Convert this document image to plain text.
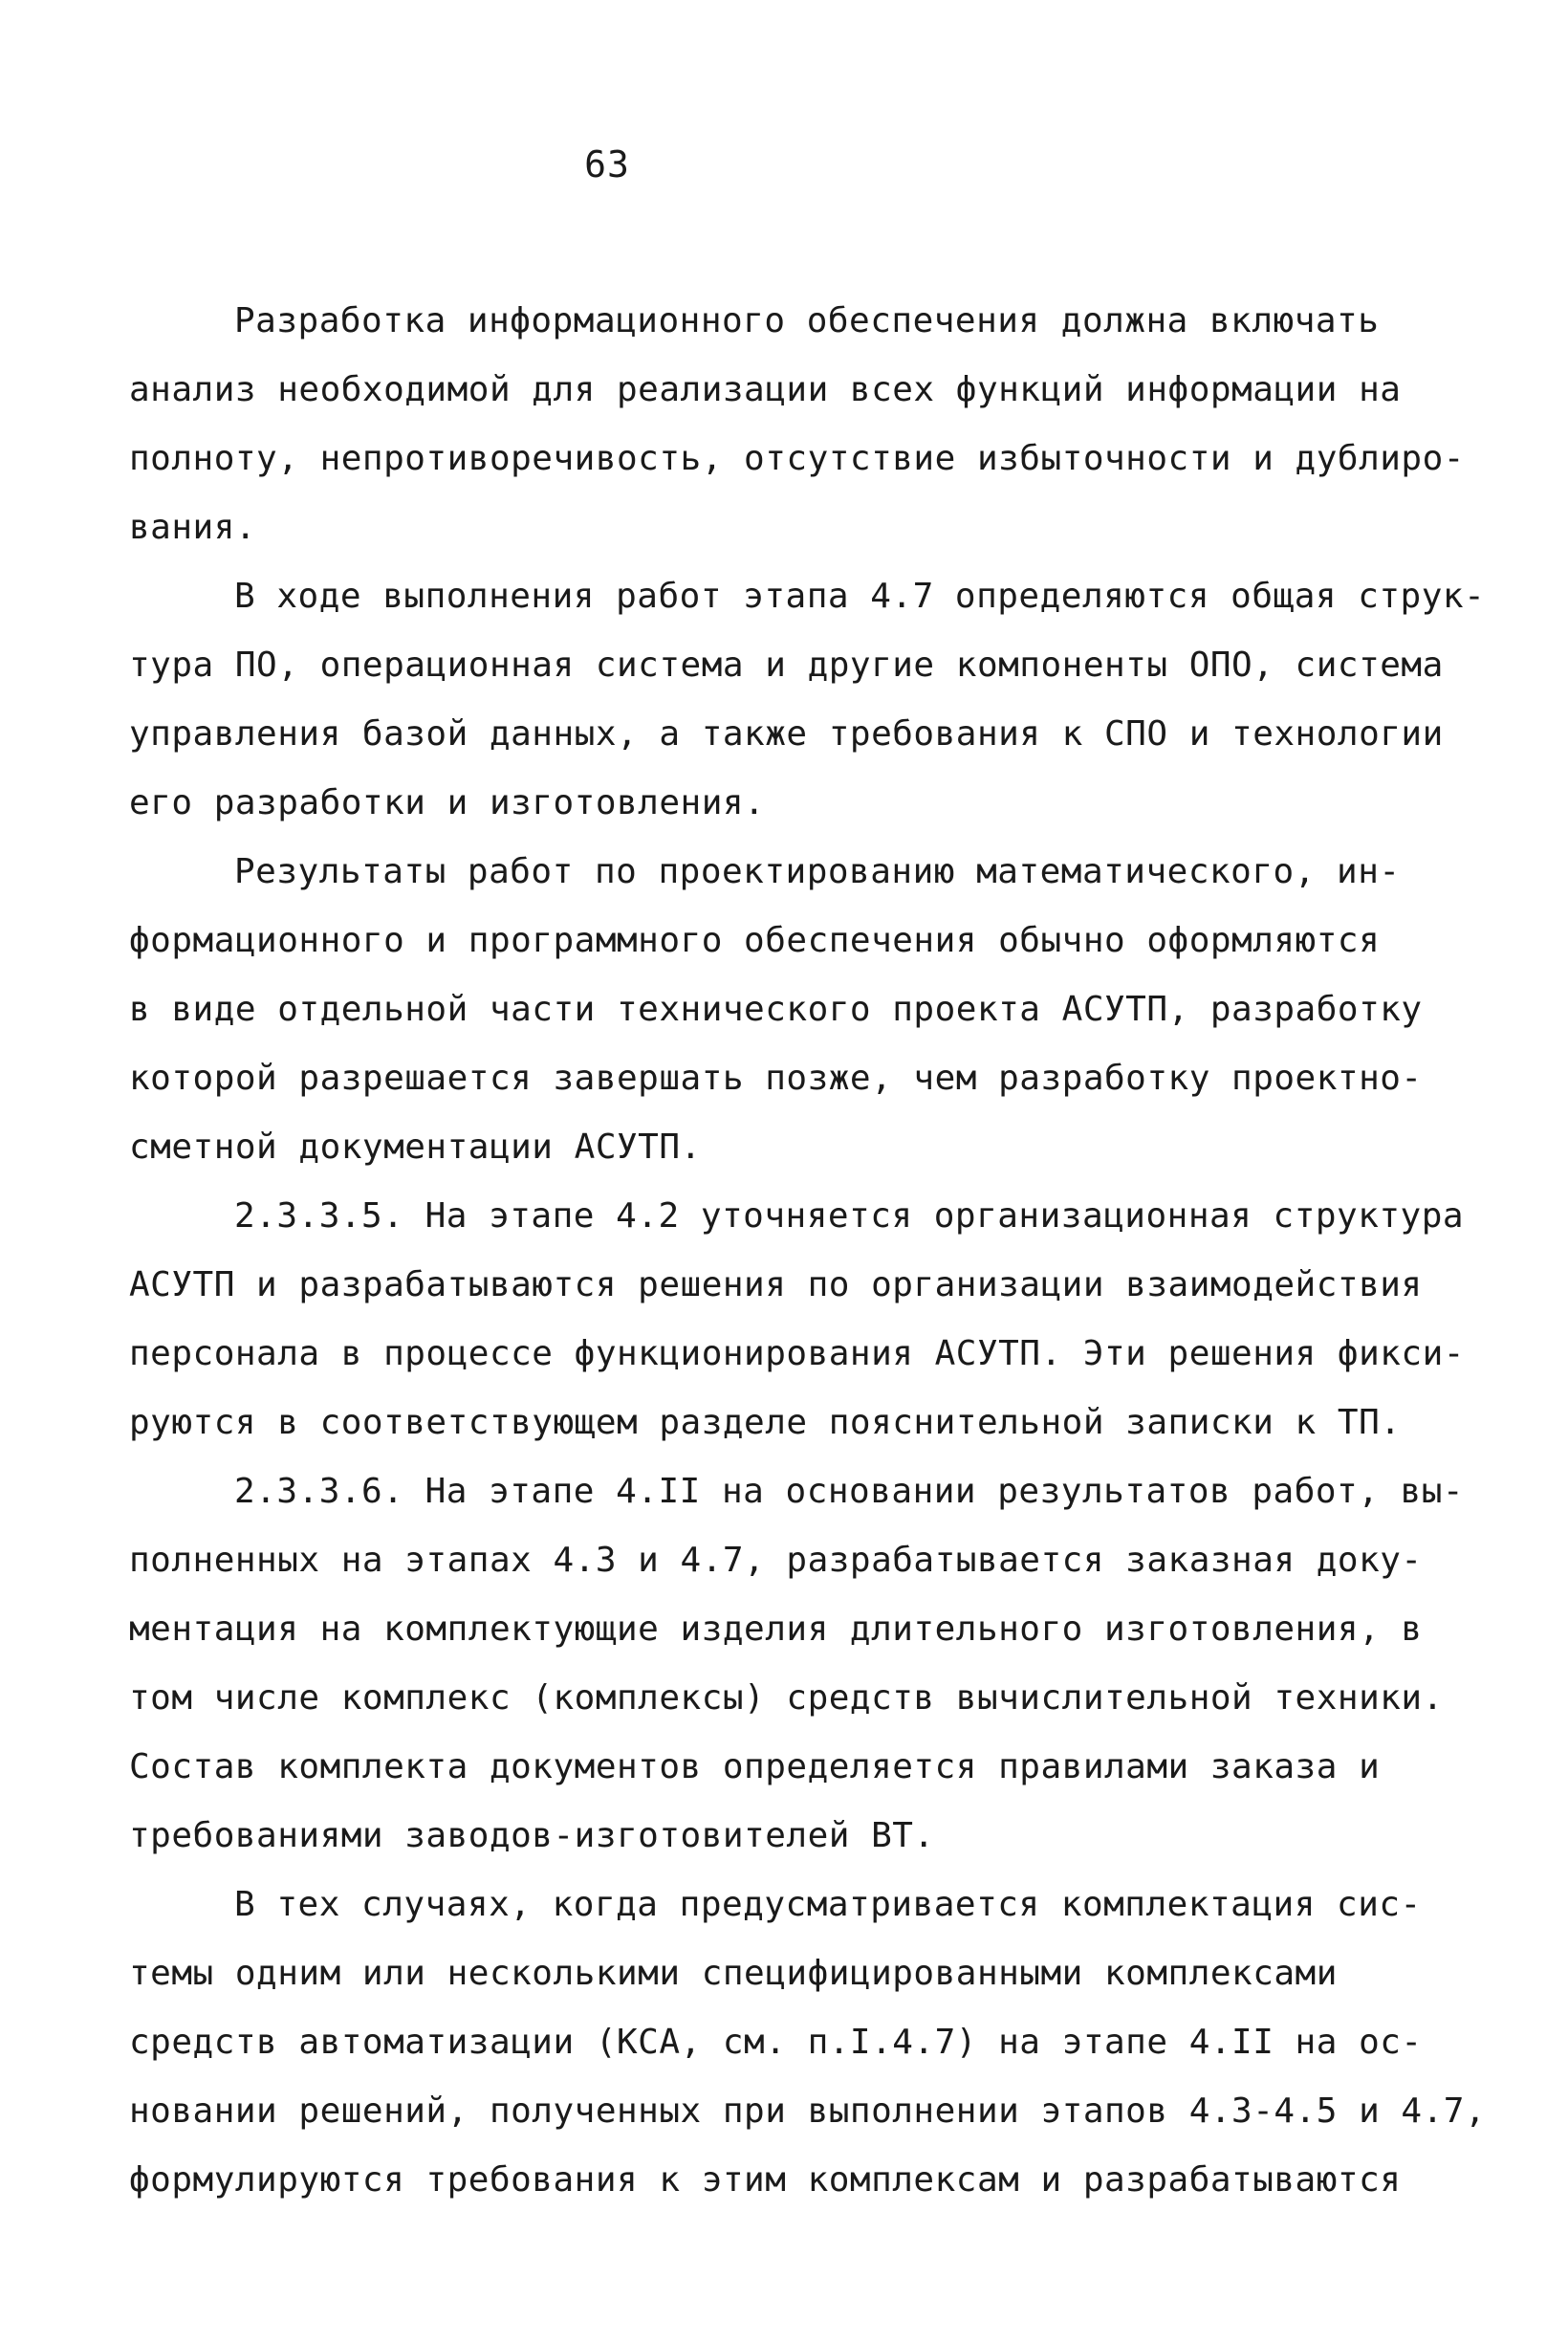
63
Разработка информационного обеспечения должна включать
анализ необходимой для реализации всех функций информации на
полноту, непротиворечивость, отсутствие избыточности и дублиро-
вания.
В ходе выполнения работ этапа 4.7 определяются общая струк-
тура ПО, операционная система и другие компоненты ОПО, система
управления базой данных, а также требования к СПО и технологии
его разработки и изготовления.
Результаты работ по проектированию математического, ин-
формационного и программного обеспечения обычно оформляются
в виде отдельной части технического проекта АСУТП, разработку
которой разрешается завершать позже, чем разработку проектно-
сметной документации АСУТП.
2.3.3.5. На этапе 4.2 уточняется организационная структура
АСУТП и разрабатываются решения по организации взаимодействия
персонала в процессе функционирования АСУТП. Эти решения фикси-
руются в соответствующем разделе пояснительной записки к ТП.
2.3.3.6. На этапе 4.II на основании результатов работ, вы-
полненных на этапах 4.3 и 4.7, разрабатывается заказная доку-
ментация на комплектующие изделия длительного изготовления, в
том числе комплекс (комплексы) средств вычислительной техники.
Состав комплекта документов определяется правилами заказа и
требованиями заводов-изготовителей ВТ.
В тех случаях, когда предусматривается комплектация сис-
темы одним или несколькими специфицированными комплексами
средств автоматизации (КСА, см. п.I.4.7) на этапе 4.II на ос-
новании решений, полученных при выполнении этапов 4.3-4.5 и 4.7,
формулируются требования к этим комплексам и разрабатываются
